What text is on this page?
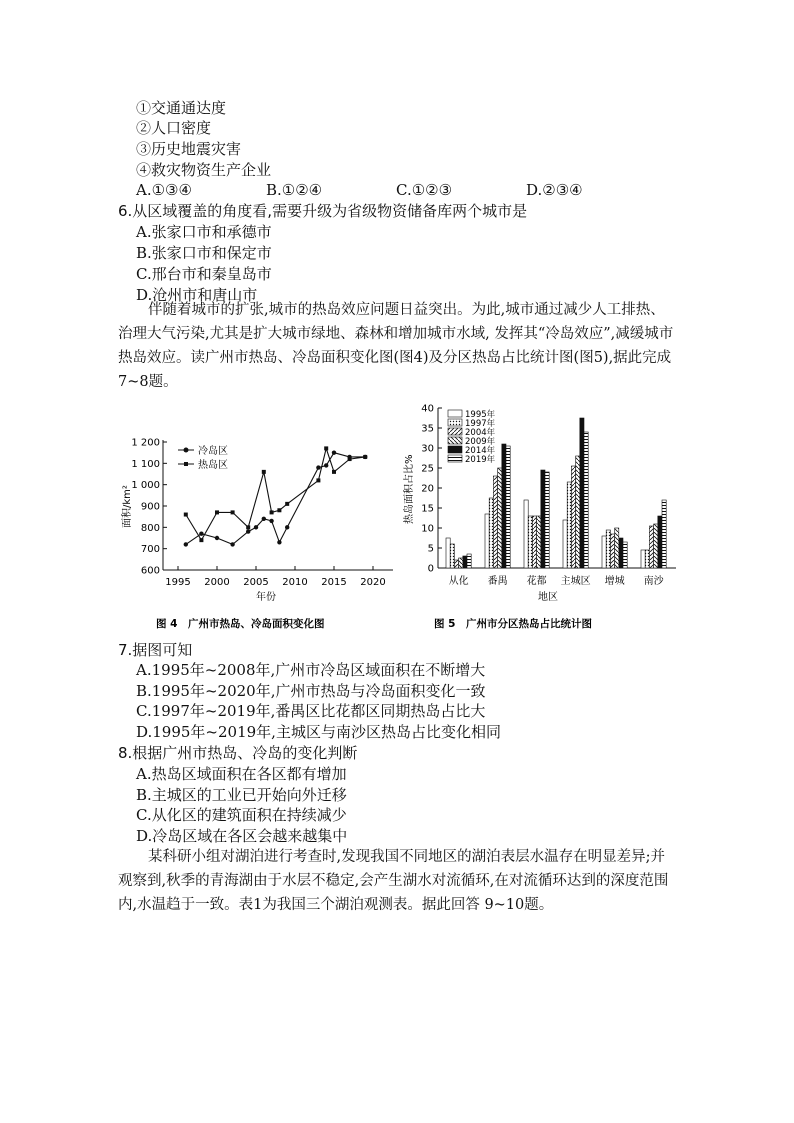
①交通通达度
②人口密度
③历史地震灾害
④救灾物资生产企业
A.①③④	B.①②④	C.①②③	D.②③④
6.从区域覆盖的角度看,需要升级为省级物资储备库两个城市是
A.张家口市和承德市
B.张家口市和保定市
C.邢台市和秦皇岛市
D.沧州市和唐山市
伴随着城市的扩张,城市的热岛效应问题日益突出。为此,城市通过减少人工排热、治理大气污染,尤其是扩大城市绿地、森林和增加城市水域, 发挥其“冷岛效应”,减缓城市热岛效应。读广州市热岛、冷岛面积变化图(图4)及分区热岛占比统计图(图5),据此完成7~8题。
600
700
800
900
1 000
1 100
1 200
1995 2000 2005 2010 2015 2020
冷岛区
热岛区
面积/km²
年份
图 4　广州市热岛、冷岛面积变化图
0
5
10
15
20
25
30
35
40
从化 番禺 花都 主城区 增城 南沙
1995年
1997年
2004年
2009年
2014年
2019年
热岛面积占比%
地区
图 5　广州市分区热岛占比统计图
7.据图可知
A.1995年~2008年,广州市冷岛区域面积在不断增大
B.1995年~2020年,广州市热岛与冷岛面积变化一致
C.1997年~2019年,番禺区比花都区同期热岛占比大
D.1995年~2019年,主城区与南沙区热岛占比变化相同
8.根据广州市热岛、冷岛的变化判断
A.热岛区域面积在各区都有增加
B.主城区的工业已开始向外迁移
C.从化区的建筑面积在持续减少
D.冷岛区域在各区会越来越集中
某科研小组对湖泊进行考查时,发现我国不同地区的湖泊表层水温存在明显差异;并观察到,秋季的青海湖由于水层不稳定,会产生湖水对流循环,在对流循环达到的深度范围内,水温趋于一致。表1为我国三个湖泊观测表。据此回答 9~10题。
